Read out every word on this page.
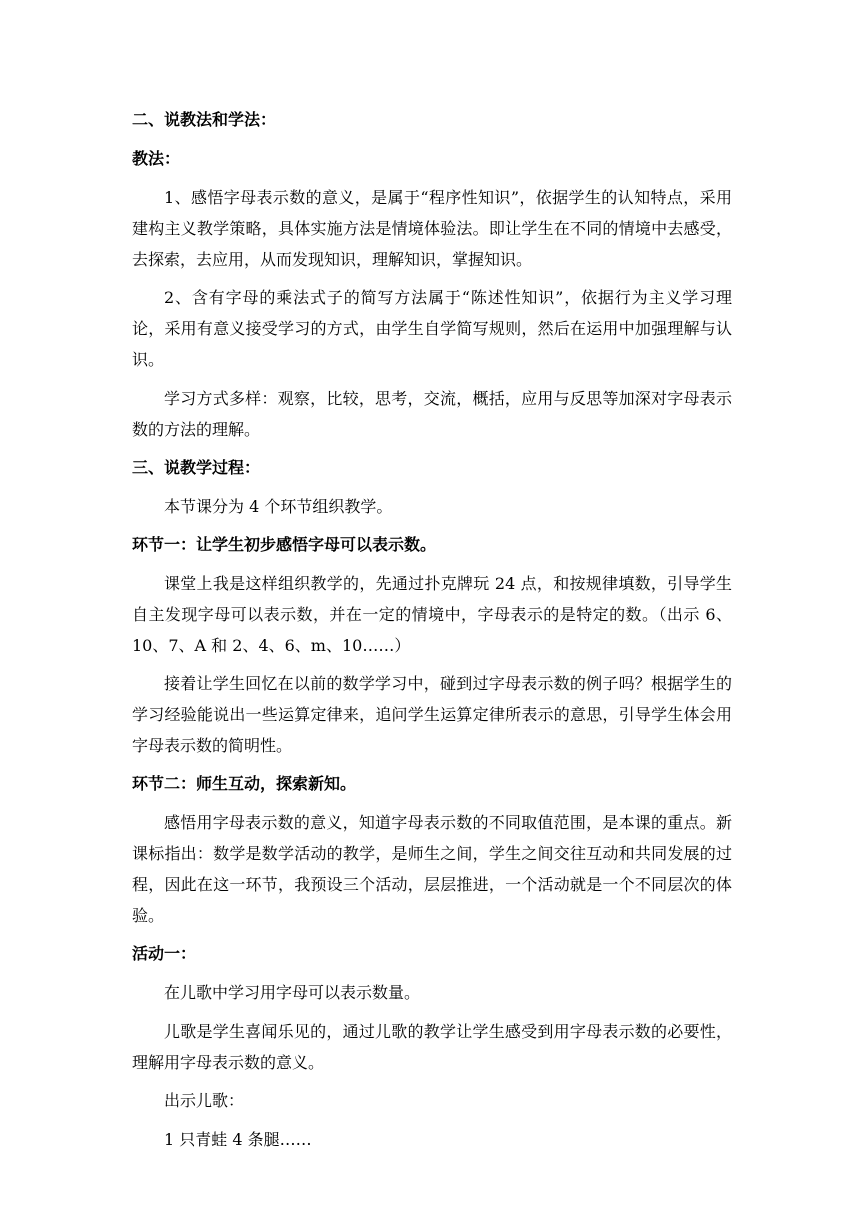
二、说教法和学法：

教法：

1、感悟字母表示数的意义，是属于“程序性知识”，依据学生的认知特点，采用建构主义教学策略，具体实施方法是情境体验法。即让学生在不同的情境中去感受，去探索，去应用，从而发现知识，理解知识，掌握知识。

2、含有字母的乘法式子的简写方法属于“陈述性知识”，依据行为主义学习理论，采用有意义接受学习的方式，由学生自学简写规则，然后在运用中加强理解与认识。

学习方式多样：观察，比较，思考，交流，概括，应用与反思等加深对字母表示数的方法的理解。

三、说教学过程：

本节课分为 4 个环节组织教学。

环节一：让学生初步感悟字母可以表示数。

课堂上我是这样组织教学的，先通过扑克牌玩 24 点，和按规律填数，引导学生自主发现字母可以表示数，并在一定的情境中，字母表示的是特定的数。（出示 6、10、7、A 和 2、4、6、m、10……）

接着让学生回忆在以前的数学学习中，碰到过字母表示数的例子吗？根据学生的学习经验能说出一些运算定律来，追问学生运算定律所表示的意思，引导学生体会用字母表示数的简明性。

环节二：师生互动，探索新知。

感悟用字母表示数的意义，知道字母表示数的不同取值范围，是本课的重点。新课标指出：数学是数学活动的教学，是师生之间，学生之间交往互动和共同发展的过程，因此在这一环节，我预设三个活动，层层推进，一个活动就是一个不同层次的体验。

活动一：

在儿歌中学习用字母可以表示数量。

儿歌是学生喜闻乐见的，通过儿歌的教学让学生感受到用字母表示数的必要性，理解用字母表示数的意义。

出示儿歌：

1 只青蛙 4 条腿……
